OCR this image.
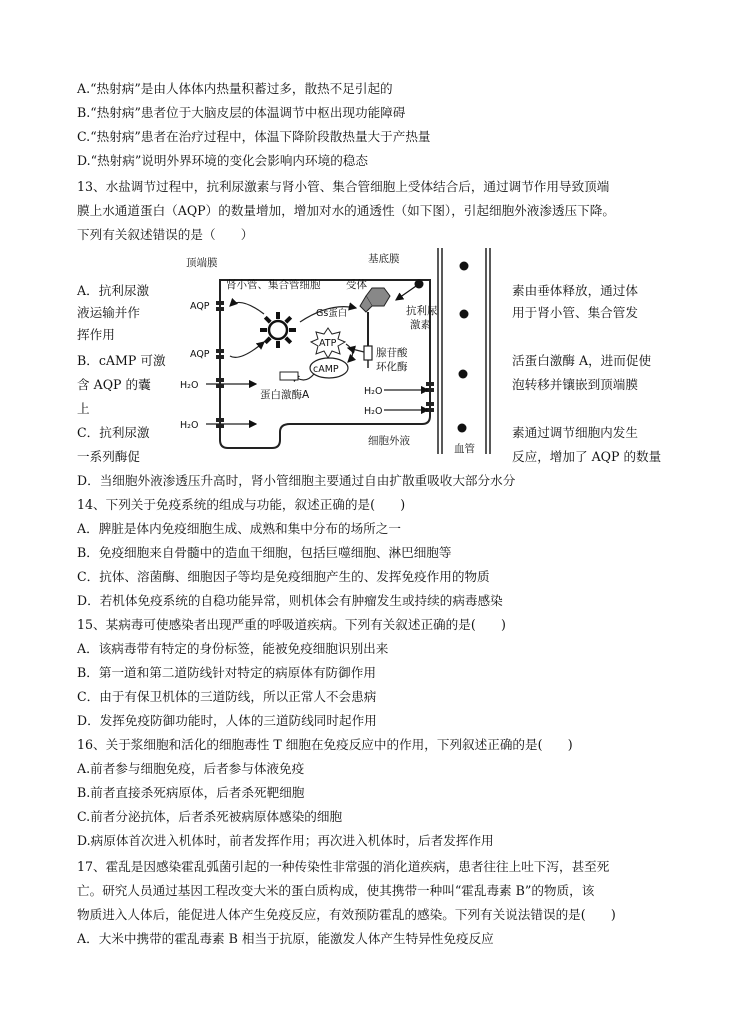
A.“热射病”是由人体体内热量积蓄过多，散热不足引起的
B.“热射病”患者位于大脑皮层的体温调节中枢出现功能障碍
C.“热射病”患者在治疗过程中，体温下降阶段散热量大于产热量
D.“热射病”说明外界环境的变化会影响内环境的稳态
13、水盐调节过程中，抗利尿激素与肾小管、集合管细胞上受体结合后，通过调节作用导致顶端
膜上水通道蛋白（AQP）的数量增加，增加对水的通透性（如下图），引起细胞外液渗透压下降。
下列有关叙述错误的是（　　）
A．抗利尿激
液运输并作
挥作用
素由垂体释放，通过体
用于肾小管、集合管发
B．cAMP 可激
含 AQP 的囊
上
活蛋白激酶 A，进而促使
泡转移并镶嵌到顶端膜
C．抗利尿激
一系列酶促
素通过调节细胞内发生
反应，增加了 AQP 的数量
D．当细胞外液渗透压升高时，肾小管细胞主要通过自由扩散重吸收大部分水分
顶端膜
肾小管、集合管细胞 受体
基底膜
Gs蛋白	抗利尿
激素
AQP
AQP
ATP
cAMP
腺苷酸
环化酶
H₂O
H₂O
H₂O
H₂O
蛋白激酶A
细胞外液
血管
14、下列关于免疫系统的组成与功能，叙述正确的是(　　)
A．脾脏是体内免疫细胞生成、成熟和集中分布的场所之一
B．免疫细胞来自骨髓中的造血干细胞，包括巨噬细胞、淋巴细胞等
C．抗体、溶菌酶、细胞因子等均是免疫细胞产生的、发挥免疫作用的物质
D．若机体免疫系统的自稳功能异常，则机体会有肿瘤发生或持续的病毒感染
15、某病毒可使感染者出现严重的呼吸道疾病。下列有关叙述正确的是(　　)
A．该病毒带有特定的身份标签，能被免疫细胞识别出来
B．第一道和第二道防线针对特定的病原体有防御作用
C．由于有保卫机体的三道防线，所以正常人不会患病
D．发挥免疫防御功能时，人体的三道防线同时起作用
16、关于浆细胞和活化的细胞毒性 T 细胞在免疫反应中的作用，下列叙述正确的是(　　)
A.前者参与细胞免疫，后者参与体液免疫
B.前者直接杀死病原体，后者杀死靶细胞
C.前者分泌抗体，后者杀死被病原体感染的细胞
D.病原体首次进入机体时，前者发挥作用；再次进入机体时，后者发挥作用
17、霍乱是因感染霍乱弧菌引起的一种传染性非常强的消化道疾病，患者往往上吐下泻，甚至死
亡。研究人员通过基因工程改变大米的蛋白质构成，使其携带一种叫“霍乱毒素 B”的物质，该
物质进入人体后，能促进人体产生免疫反应，有效预防霍乱的感染。下列有关说法错误的是(　　)
A．大米中携带的霍乱毒素 B 相当于抗原，能激发人体产生特异性免疫反应
